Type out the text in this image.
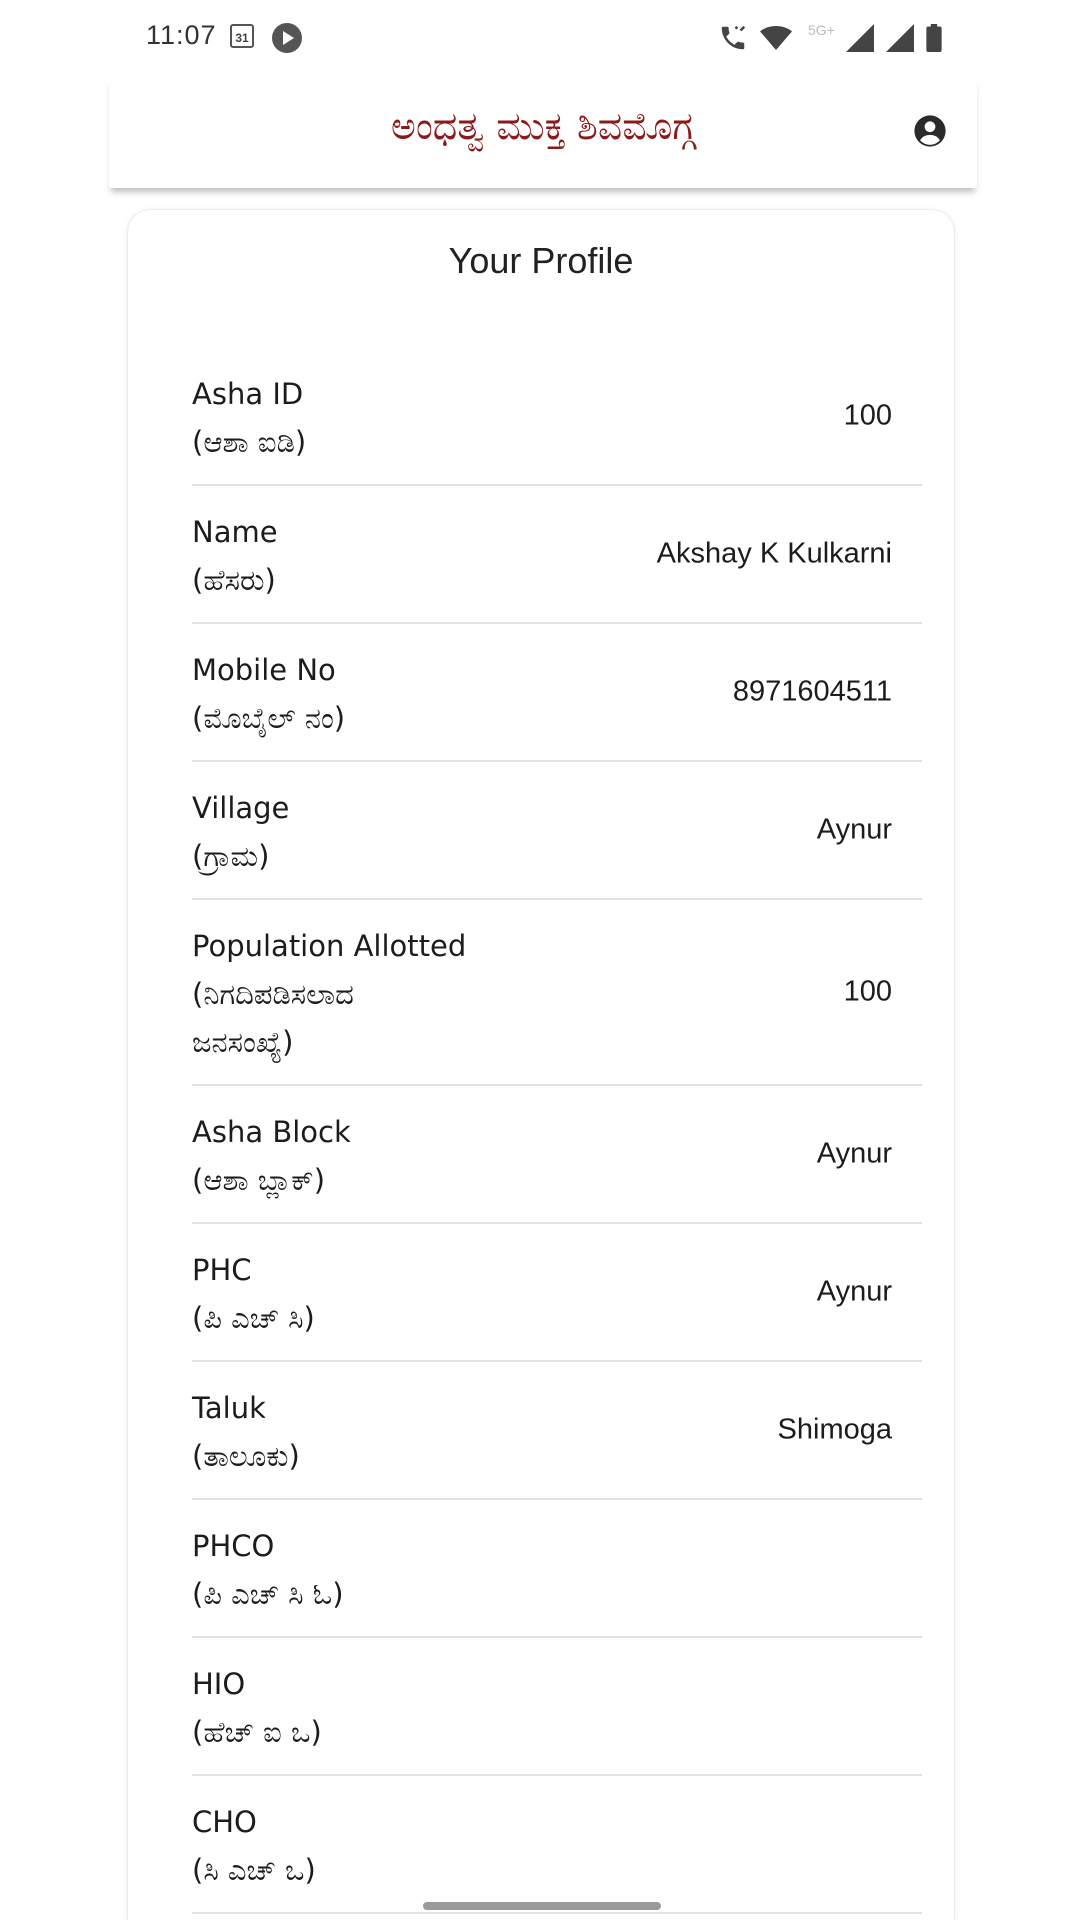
11:07	31	5G+
ಅಂಧತ್ವ ಮುಕ್ತ ಶಿವಮೊಗ್ಗ
Your Profile
Asha ID
(ಆಶಾ ಐಡಿ)
100
Name
(ಹೆಸರು)
Akshay K Kulkarni
Mobile No
(ಮೊಬೈಲ್ ನಂ)
8971604511
Village
(ಗ್ರಾಮ)
Aynur
Population Allotted
(ನಿಗದಿಪಡಿಸಲಾದ
ಜನಸಂಖ್ಯೆ)
100
Asha Block
(ಆಶಾ ಬ್ಲಾಕ್)
Aynur
PHC
(ಪಿ ಎಚ್ ಸಿ)
Aynur
Taluk
(ತಾಲೂಕು)
Shimoga
PHCO
(ಪಿ ಎಚ್ ಸಿ ಓ)
HIO
(ಹೆಚ್ ಐ ಒ)
CHO
(ಸಿ ಎಚ್ ಒ)
